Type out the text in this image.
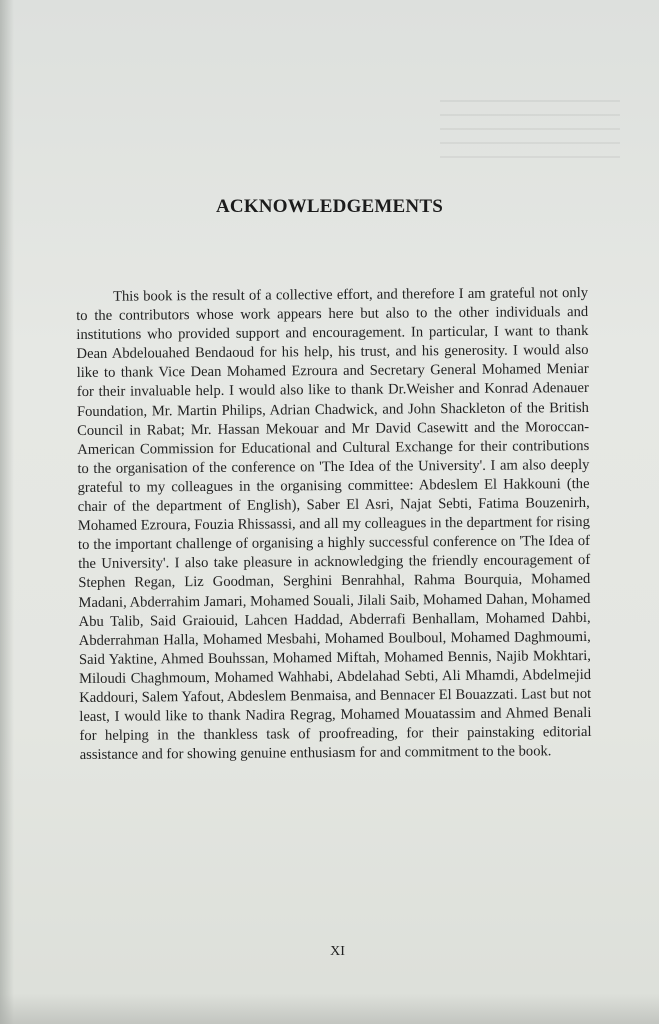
ACKNOWLEDGEMENTS

This book is the result of a collective effort, and therefore I am grateful not only to the contributors whose work appears here but also to the other individuals and institutions who provided support and encouragement. In particular, I want to thank Dean Abdelouahed Bendaoud for his help, his trust, and his generosity. I would also like to thank Vice Dean Mohamed Ezroura and Secretary General Mohamed Meniar for their invaluable help. I would also like to thank Dr.Weisher and Konrad Adenauer Foundation, Mr. Martin Philips, Adrian Chadwick, and John Shackleton of the British Council in Rabat; Mr. Hassan Mekouar and Mr David Casewitt and the Moroccan-American Commission for Educational and Cultural Exchange for their contributions to the organisation of the conference on 'The Idea of the University'. I am also deeply grateful to my colleagues in the organising committee: Abdeslem El Hakkouni (the chair of the department of English), Saber El Asri, Najat Sebti, Fatima Bouzenirh, Mohamed Ezroura, Fouzia Rhissassi, and all my colleagues in the department for rising to the important challenge of organising a highly successful conference on 'The Idea of the University'. I also take pleasure in acknowledging the friendly encouragement of Stephen Regan, Liz Goodman, Serghini Benrahhal, Rahma Bourquia, Mohamed Madani, Abderrahim Jamari, Mohamed Souali, Jilali Saib, Mohamed Dahan, Mohamed Abu Talib, Said Graiouid, Lahcen Haddad, Abderrafi Benhallam, Mohamed Dahbi, Abderrahman Halla, Mohamed Mesbahi, Mohamed Boulboul, Mohamed Daghmoumi, Said Yaktine, Ahmed Bouhssan, Mohamed Miftah, Mohamed Bennis, Najib Mokhtari, Miloudi Chaghmoum, Mohamed Wahhabi, Abdelahad Sebti, Ali Mhamdi, Abdelmejid Kaddouri, Salem Yafout, Abdeslem Benmaisa, and Bennacer El Bouazzati. Last but not least, I would like to thank Nadira Regrag, Mohamed Mouatassim and Ahmed Benali for helping in the thankless task of proofreading, for their painstaking editorial assistance and for showing genuine enthusiasm for and commitment to the book.

XI
